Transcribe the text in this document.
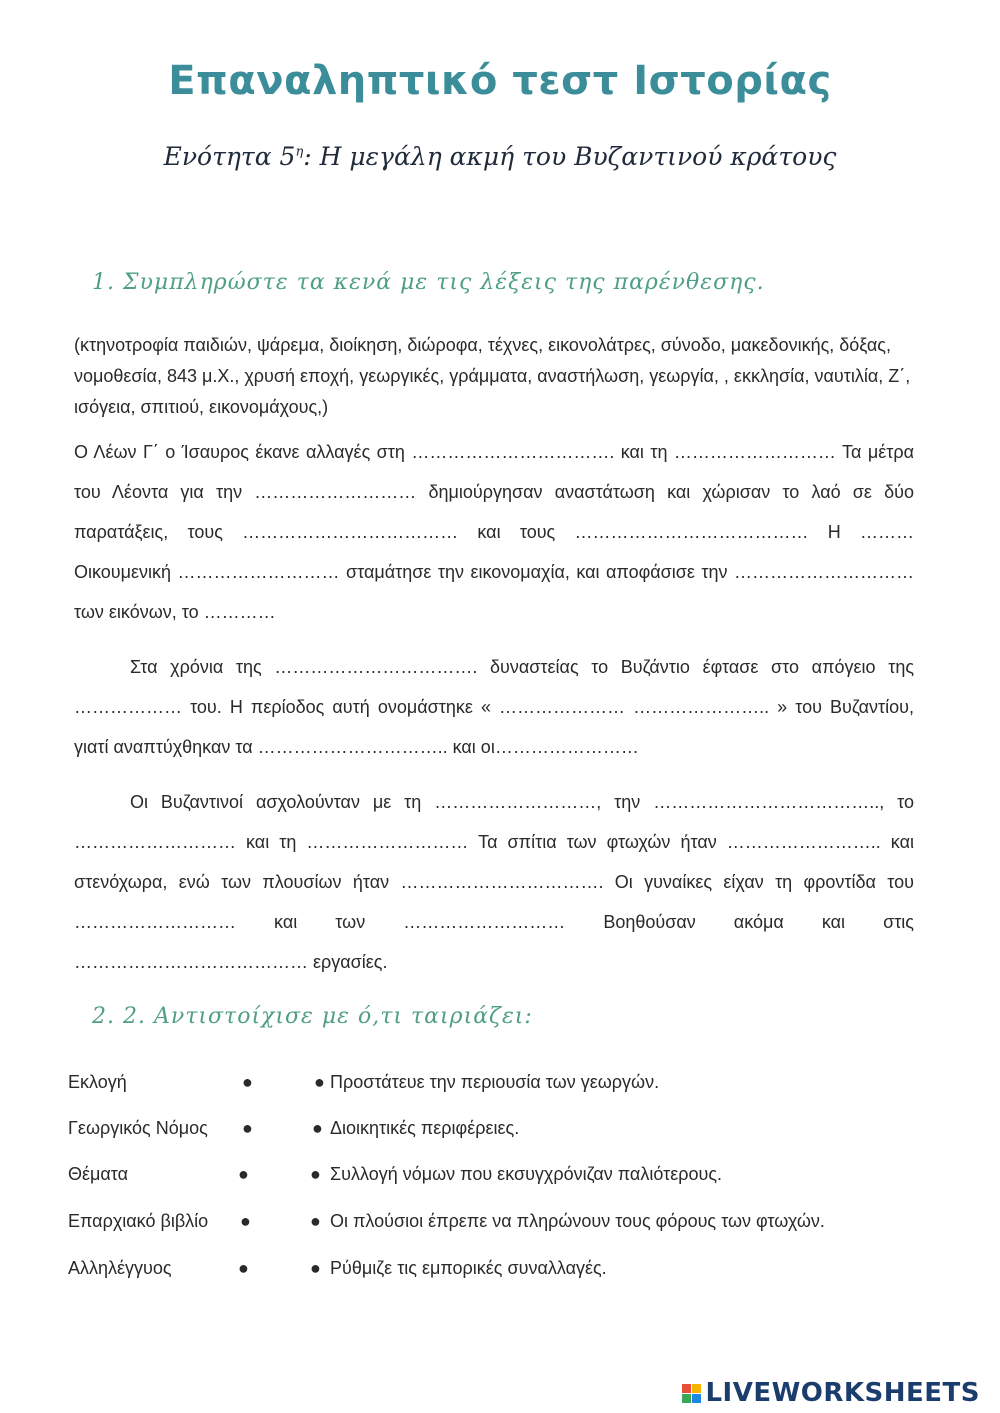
Επαναληπτικό τεστ Ιστορίας
Ενότητα $5^\eta$: Η μεγάλη ακμή του Βυζαντινού κράτους
1. Συμπληρώστε τα κενά με τις λέξεις της παρένθεσης.
(κτηνοτροφία παιδιών, ψάρεμα, διοίκηση, διώροφα, τέχνες, εικονολάτρες, σύνοδο, μακεδονικής, δόξας, νομοθεσία, 843 μ.Χ., χρυσή εποχή, γεωργικές, γράμματα, αναστήλωση, γεωργία, , εκκλησία, ναυτιλία, Ζ΄, ισόγεια, σπιτιού, εικονομάχους,)
Ο Λέων Γ΄ ο Ίσαυρος έκανε αλλαγές στη ……………………………. και τη ……………………… Τα μέτρα του Λέοντα για την ……………………… δημιούργησαν αναστάτωση και χώρισαν το λαό σε δύο παρατάξεις, τους ……………………………… και τους ………………………………… Η ……… Οικουμενική ……………………… σταμάτησε την εικονομαχία, και αποφάσισε την ………………………… των εικόνων, το …………
Στα χρόνια της ……………………………. δυναστείας το Βυζάντιο έφτασε στο απόγειο της ……………… του. Η περίοδος αυτή ονομάστηκε « ………………… ………………….. » του Βυζαντίου, γιατί αναπτύχθηκαν τα ………………………….. και οι……………………
Οι Βυζαντινοί ασχολούνταν με τη ………………………, την ……………………………….., το ……………………… και τη ……………………… Τα σπίτια των φτωχών ήταν …………………….. και στενόχωρα, ενώ των πλουσίων ήταν ……………………………. Οι γυναίκες είχαν τη φροντίδα του ……………………… και των ……………………… Βοηθούσαν ακόμα και στις ………………………………… εργασίες.
2. 2. Αντιστοίχισε με ό,τι ταιριάζει:
Εκλογή	●	● Προστάτευε την περιουσία των γεωργών.
Γεωργικός Νόμος ●	● Διοικητικές περιφέρειες.
Θέματα	●	● Συλλογή νόμων που εκσυγχρόνιζαν παλιότερους.
Επαρχιακό βιβλίο ●	● Οι πλούσιοι έπρεπε να πληρώνουν τους φόρους των φτωχών.
Αλληλέγγυος	●	● Ρύθμιζε τις εμπορικές συναλλαγές.
LIVEWORKSHEETS
